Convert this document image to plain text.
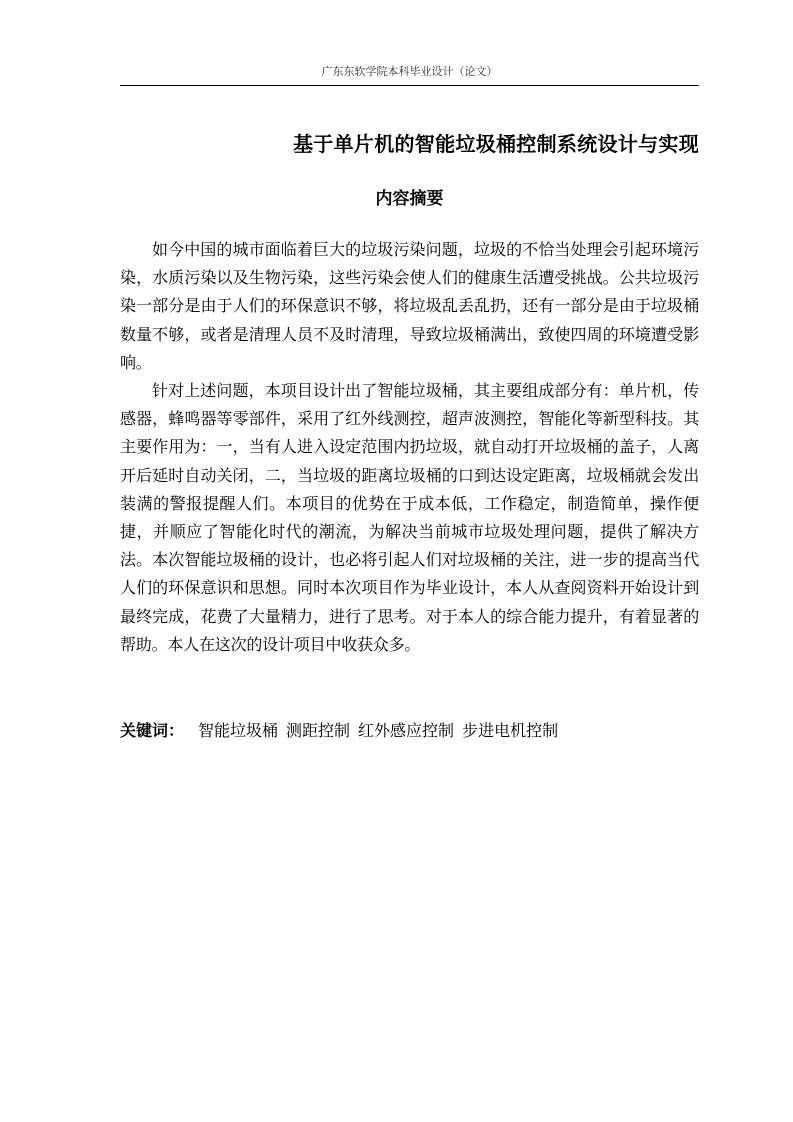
广东东软学院本科毕业设计（论文）
基于单片机的智能垃圾桶控制系统设计与实现
内容摘要

如今中国的城市面临着巨大的垃圾污染问题，垃圾的不恰当处理会引起环境污染，水质污染以及生物污染，这些污染会使人们的健康生活遭受挑战。公共垃圾污染一部分是由于人们的环保意识不够，将垃圾乱丢乱扔，还有一部分是由于垃圾桶数量不够，或者是清理人员不及时清理，导致垃圾桶满出，致使四周的环境遭受影响。

针对上述问题，本项目设计出了智能垃圾桶，其主要组成部分有：单片机，传感器，蜂鸣器等零部件，采用了红外线测控，超声波测控，智能化等新型科技。其主要作用为：一，当有人进入设定范围内扔垃圾，就自动打开垃圾桶的盖子，人离开后延时自动关闭，二，当垃圾的距离垃圾桶的口到达设定距离，垃圾桶就会发出装满的警报提醒人们。本项目的优势在于成本低，工作稳定，制造简单，操作便捷，并顺应了智能化时代的潮流，为解决当前城市垃圾处理问题，提供了解决方法。本次智能垃圾桶的设计，也必将引起人们对垃圾桶的关注，进一步的提高当代人们的环保意识和思想。同时本次项目作为毕业设计，本人从查阅资料开始设计到最终完成，花费了大量精力，进行了思考。对于本人的综合能力提升，有着显著的帮助。本人在这次的设计项目中收获众多。

关键词： 智能垃圾桶 测距控制 红外感应控制 步进电机控制
